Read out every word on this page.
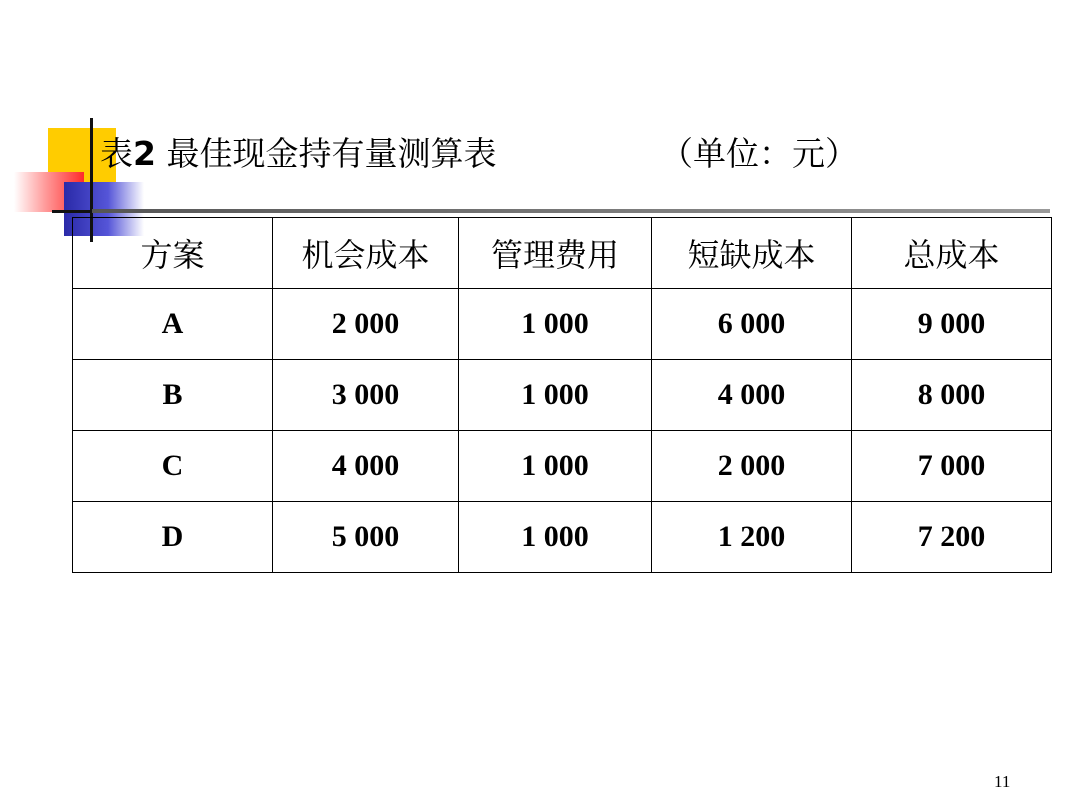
表2 最佳现金持有量测算表	（单位：元）
方案	机会成本	管理费用	短缺成本	总成本
A	2 000	1 000	6 000	9 000
B	3 000	1 000	4 000	8 000
C	4 000	1 000	2 000	7 000
D	5 000	1 000	1 200	7 200
11
